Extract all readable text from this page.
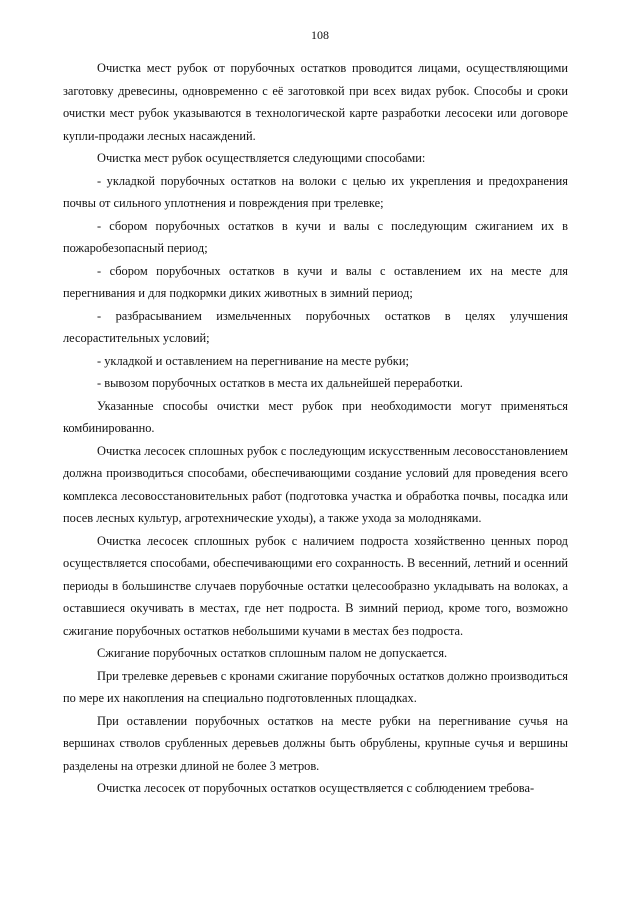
108

Очистка мест рубок от порубочных остатков проводится лицами, осуществляющими заготовку древесины, одновременно с её заготовкой при всех видах рубок. Способы и сроки очистки мест рубок указываются в технологической карте разработки лесосеки или договоре купли-продажи лесных насаждений.

Очистка мест рубок осуществляется следующими способами:

- укладкой порубочных остатков на волоки с целью их укрепления и предохранения почвы от сильного уплотнения и повреждения при трелевке;

- сбором порубочных остатков в кучи и валы с последующим сжиганием их в пожаробезопасный период;

- сбором порубочных остатков в кучи и валы с оставлением их на месте для перегнивания и для подкормки диких животных в зимний период;

- разбрасыванием измельченных порубочных остатков в целях улучшения лесорастительных условий;

- укладкой и оставлением на перегнивание на месте рубки;

- вывозом порубочных остатков в места их дальнейшей переработки.

Указанные способы очистки мест рубок при необходимости могут применяться комбинированно.

Очистка лесосек сплошных рубок с последующим искусственным лесовосстановлением должна производиться способами, обеспечивающими создание условий для проведения всего комплекса лесовосстановительных работ (подготовка участка и обработка почвы, посадка или посев лесных культур, агротехнические уходы), а также ухода за молодняками.

Очистка лесосек сплошных рубок с наличием подроста хозяйственно ценных пород осуществляется способами, обеспечивающими его сохранность. В весенний, летний и осенний периоды в большинстве случаев порубочные остатки целесообразно укладывать на волоках, а оставшиеся окучивать в местах, где нет подроста. В зимний период, кроме того, возможно сжигание порубочных остатков небольшими кучами в местах без подроста.

Сжигание порубочных остатков сплошным палом не допускается.

При трелевке деревьев с кронами сжигание порубочных остатков должно производиться по мере их накопления на специально подготовленных площадках.

При оставлении порубочных остатков на месте рубки на перегнивание сучья на вершинах стволов срубленных деревьев должны быть обрублены, крупные сучья и вершины разделены на отрезки длиной не более 3 метров.

Очистка лесосек от порубочных остатков осуществляется с соблюдением требова-
